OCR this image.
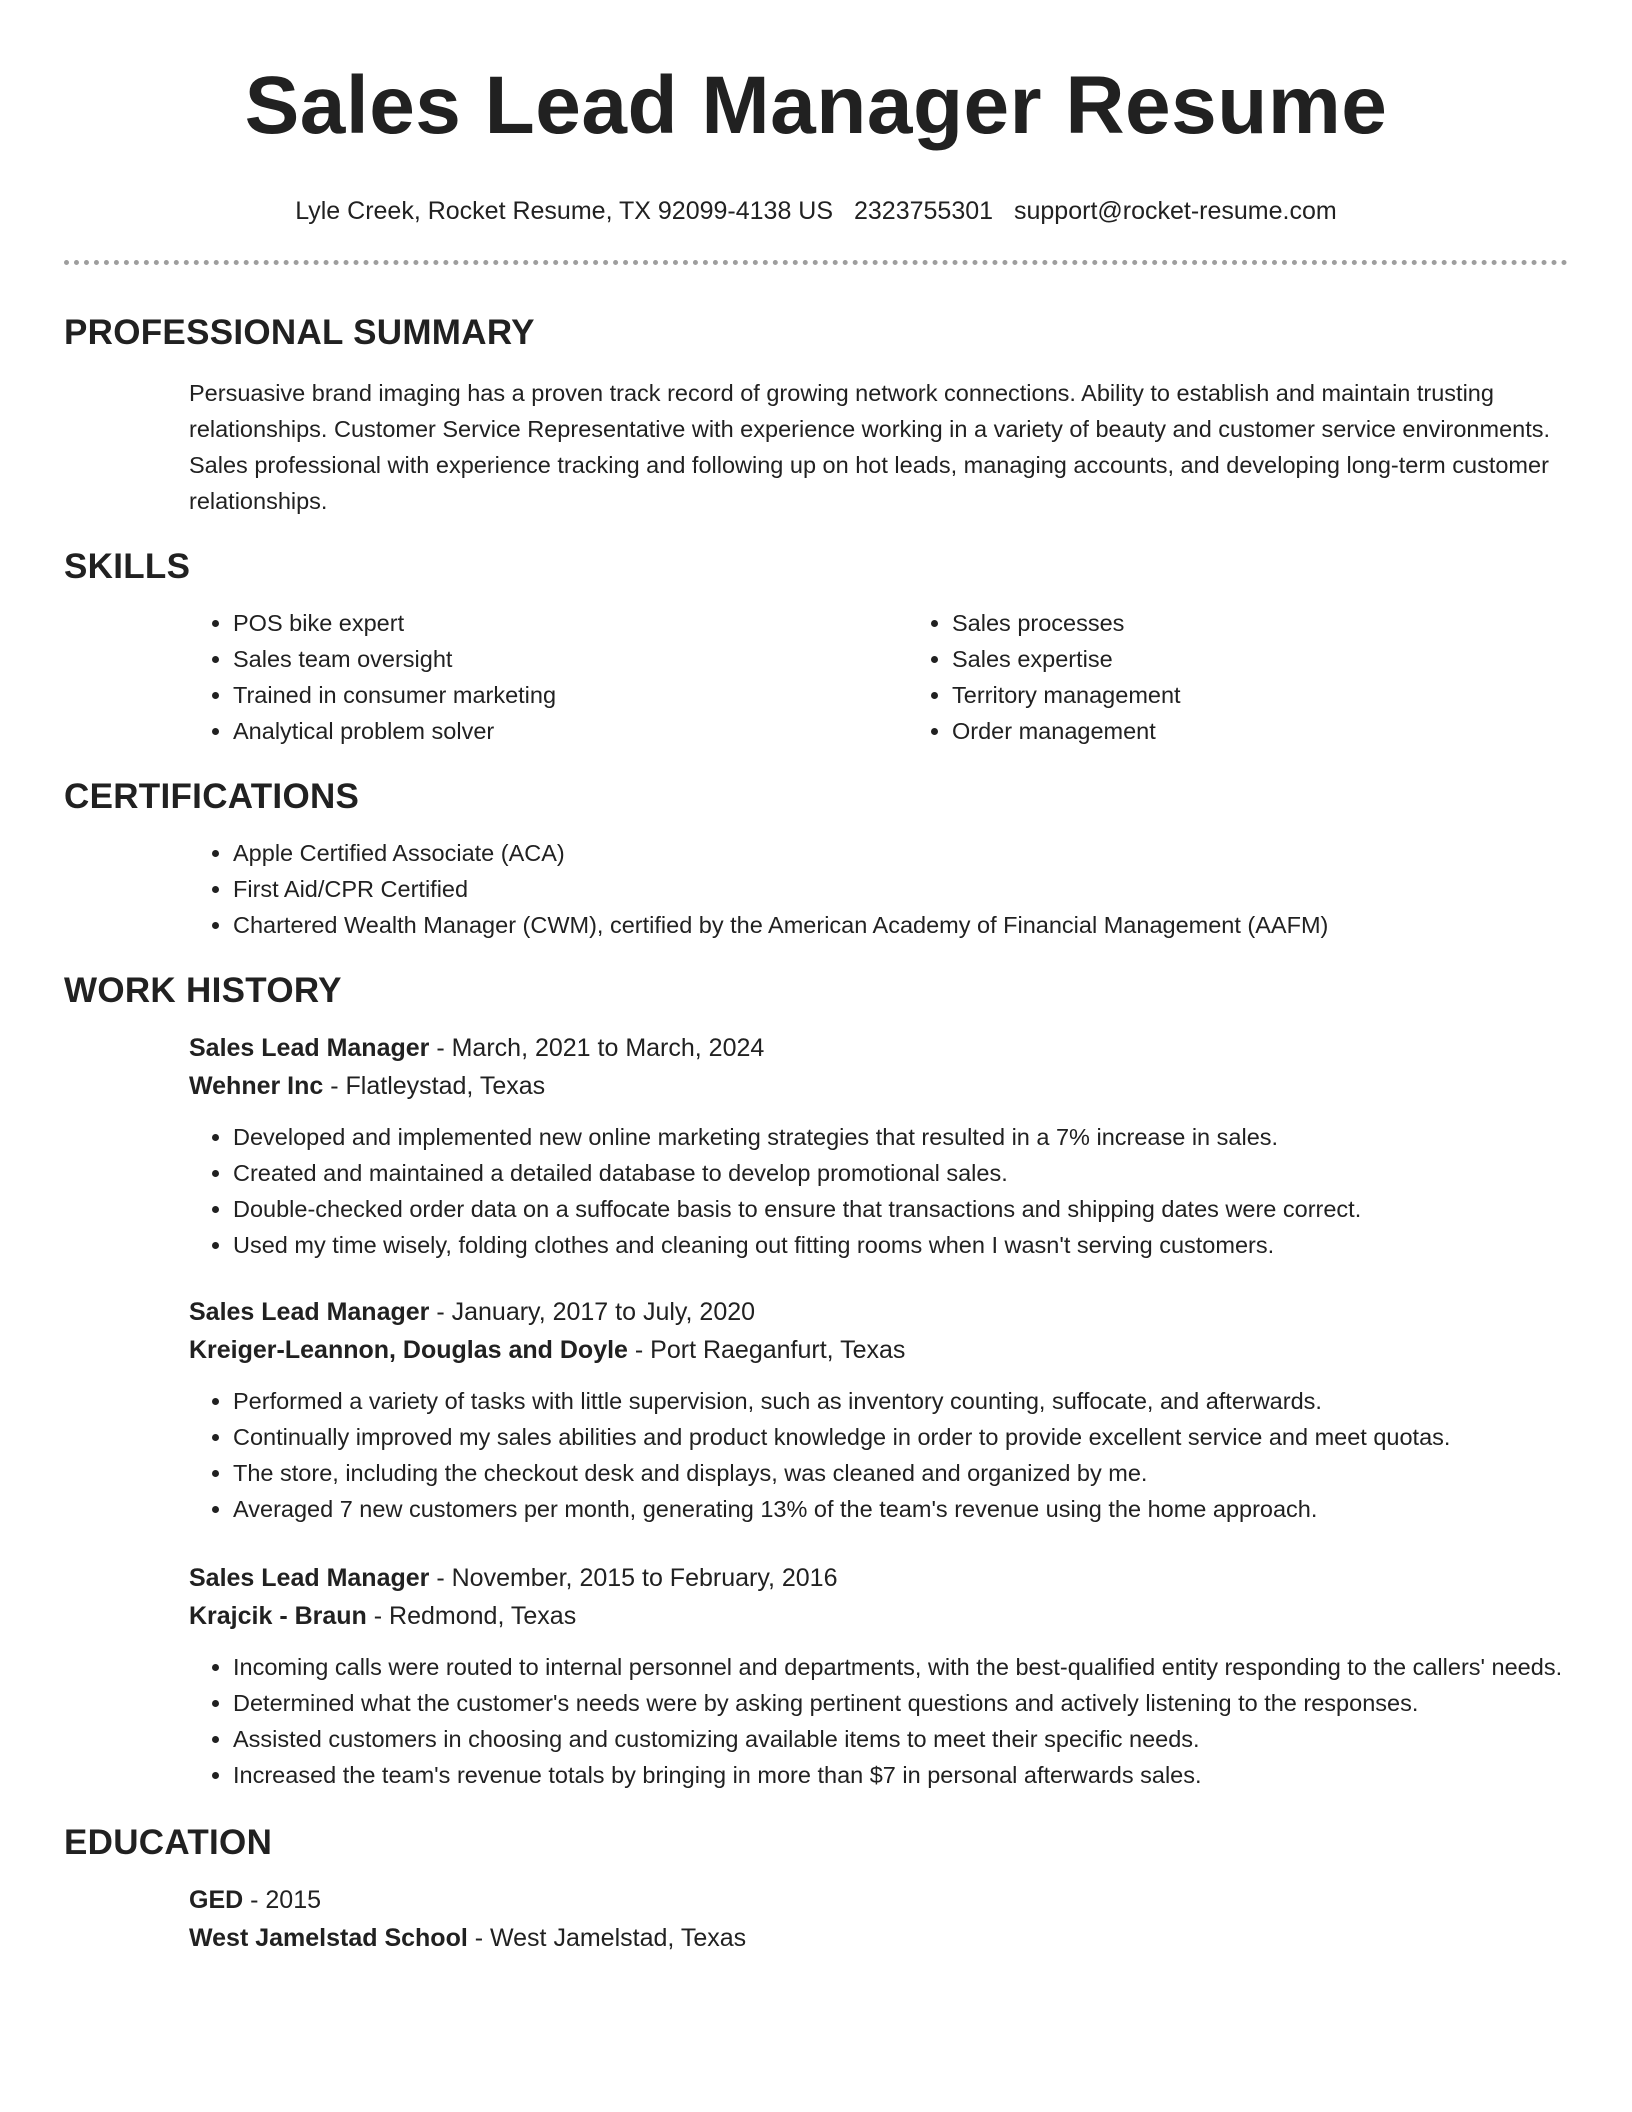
Sales Lead Manager Resume
Lyle Creek, Rocket Resume, TX 92099-4138 US 2323755301 support@rocket-resume.com
PROFESSIONAL SUMMARY

Persuasive brand imaging has a proven track record of growing network connections. Ability to establish and maintain trusting relationships. Customer Service Representative with experience working in a variety of beauty and customer service environments. Sales professional with experience tracking and following up on hot leads, managing accounts, and developing long-term customer relationships.

SKILLS
• POS bike expert
• Sales team oversight
• Trained in consumer marketing
• Analytical problem solver
• Sales processes
• Sales expertise
• Territory management
• Order management
CERTIFICATIONS
• Apple Certified Associate (ACA)
• First Aid/CPR Certified
• Chartered Wealth Manager (CWM), certified by the American Academy of Financial Management (AAFM)
WORK HISTORY
Sales Lead Manager - March, 2021 to March, 2024
Wehner Inc - Flatleystad, Texas
• Developed and implemented new online marketing strategies that resulted in a 7% increase in sales.
• Created and maintained a detailed database to develop promotional sales.
• Double-checked order data on a suffocate basis to ensure that transactions and shipping dates were correct.
• Used my time wisely, folding clothes and cleaning out fitting rooms when I wasn't serving customers.
Sales Lead Manager - January, 2017 to July, 2020
Kreiger-Leannon, Douglas and Doyle - Port Raeganfurt, Texas
• Performed a variety of tasks with little supervision, such as inventory counting, suffocate, and afterwards.
• Continually improved my sales abilities and product knowledge in order to provide excellent service and meet quotas.
• The store, including the checkout desk and displays, was cleaned and organized by me.
• Averaged 7 new customers per month, generating 13% of the team's revenue using the home approach.
Sales Lead Manager - November, 2015 to February, 2016
Krajcik - Braun - Redmond, Texas
• Incoming calls were routed to internal personnel and departments, with the best-qualified entity responding to the callers' needs.
• Determined what the customer's needs were by asking pertinent questions and actively listening to the responses.
• Assisted customers in choosing and customizing available items to meet their specific needs.
• Increased the team's revenue totals by bringing in more than $7 in personal afterwards sales.
EDUCATION
GED - 2015
West Jamelstad School - West Jamelstad, Texas
